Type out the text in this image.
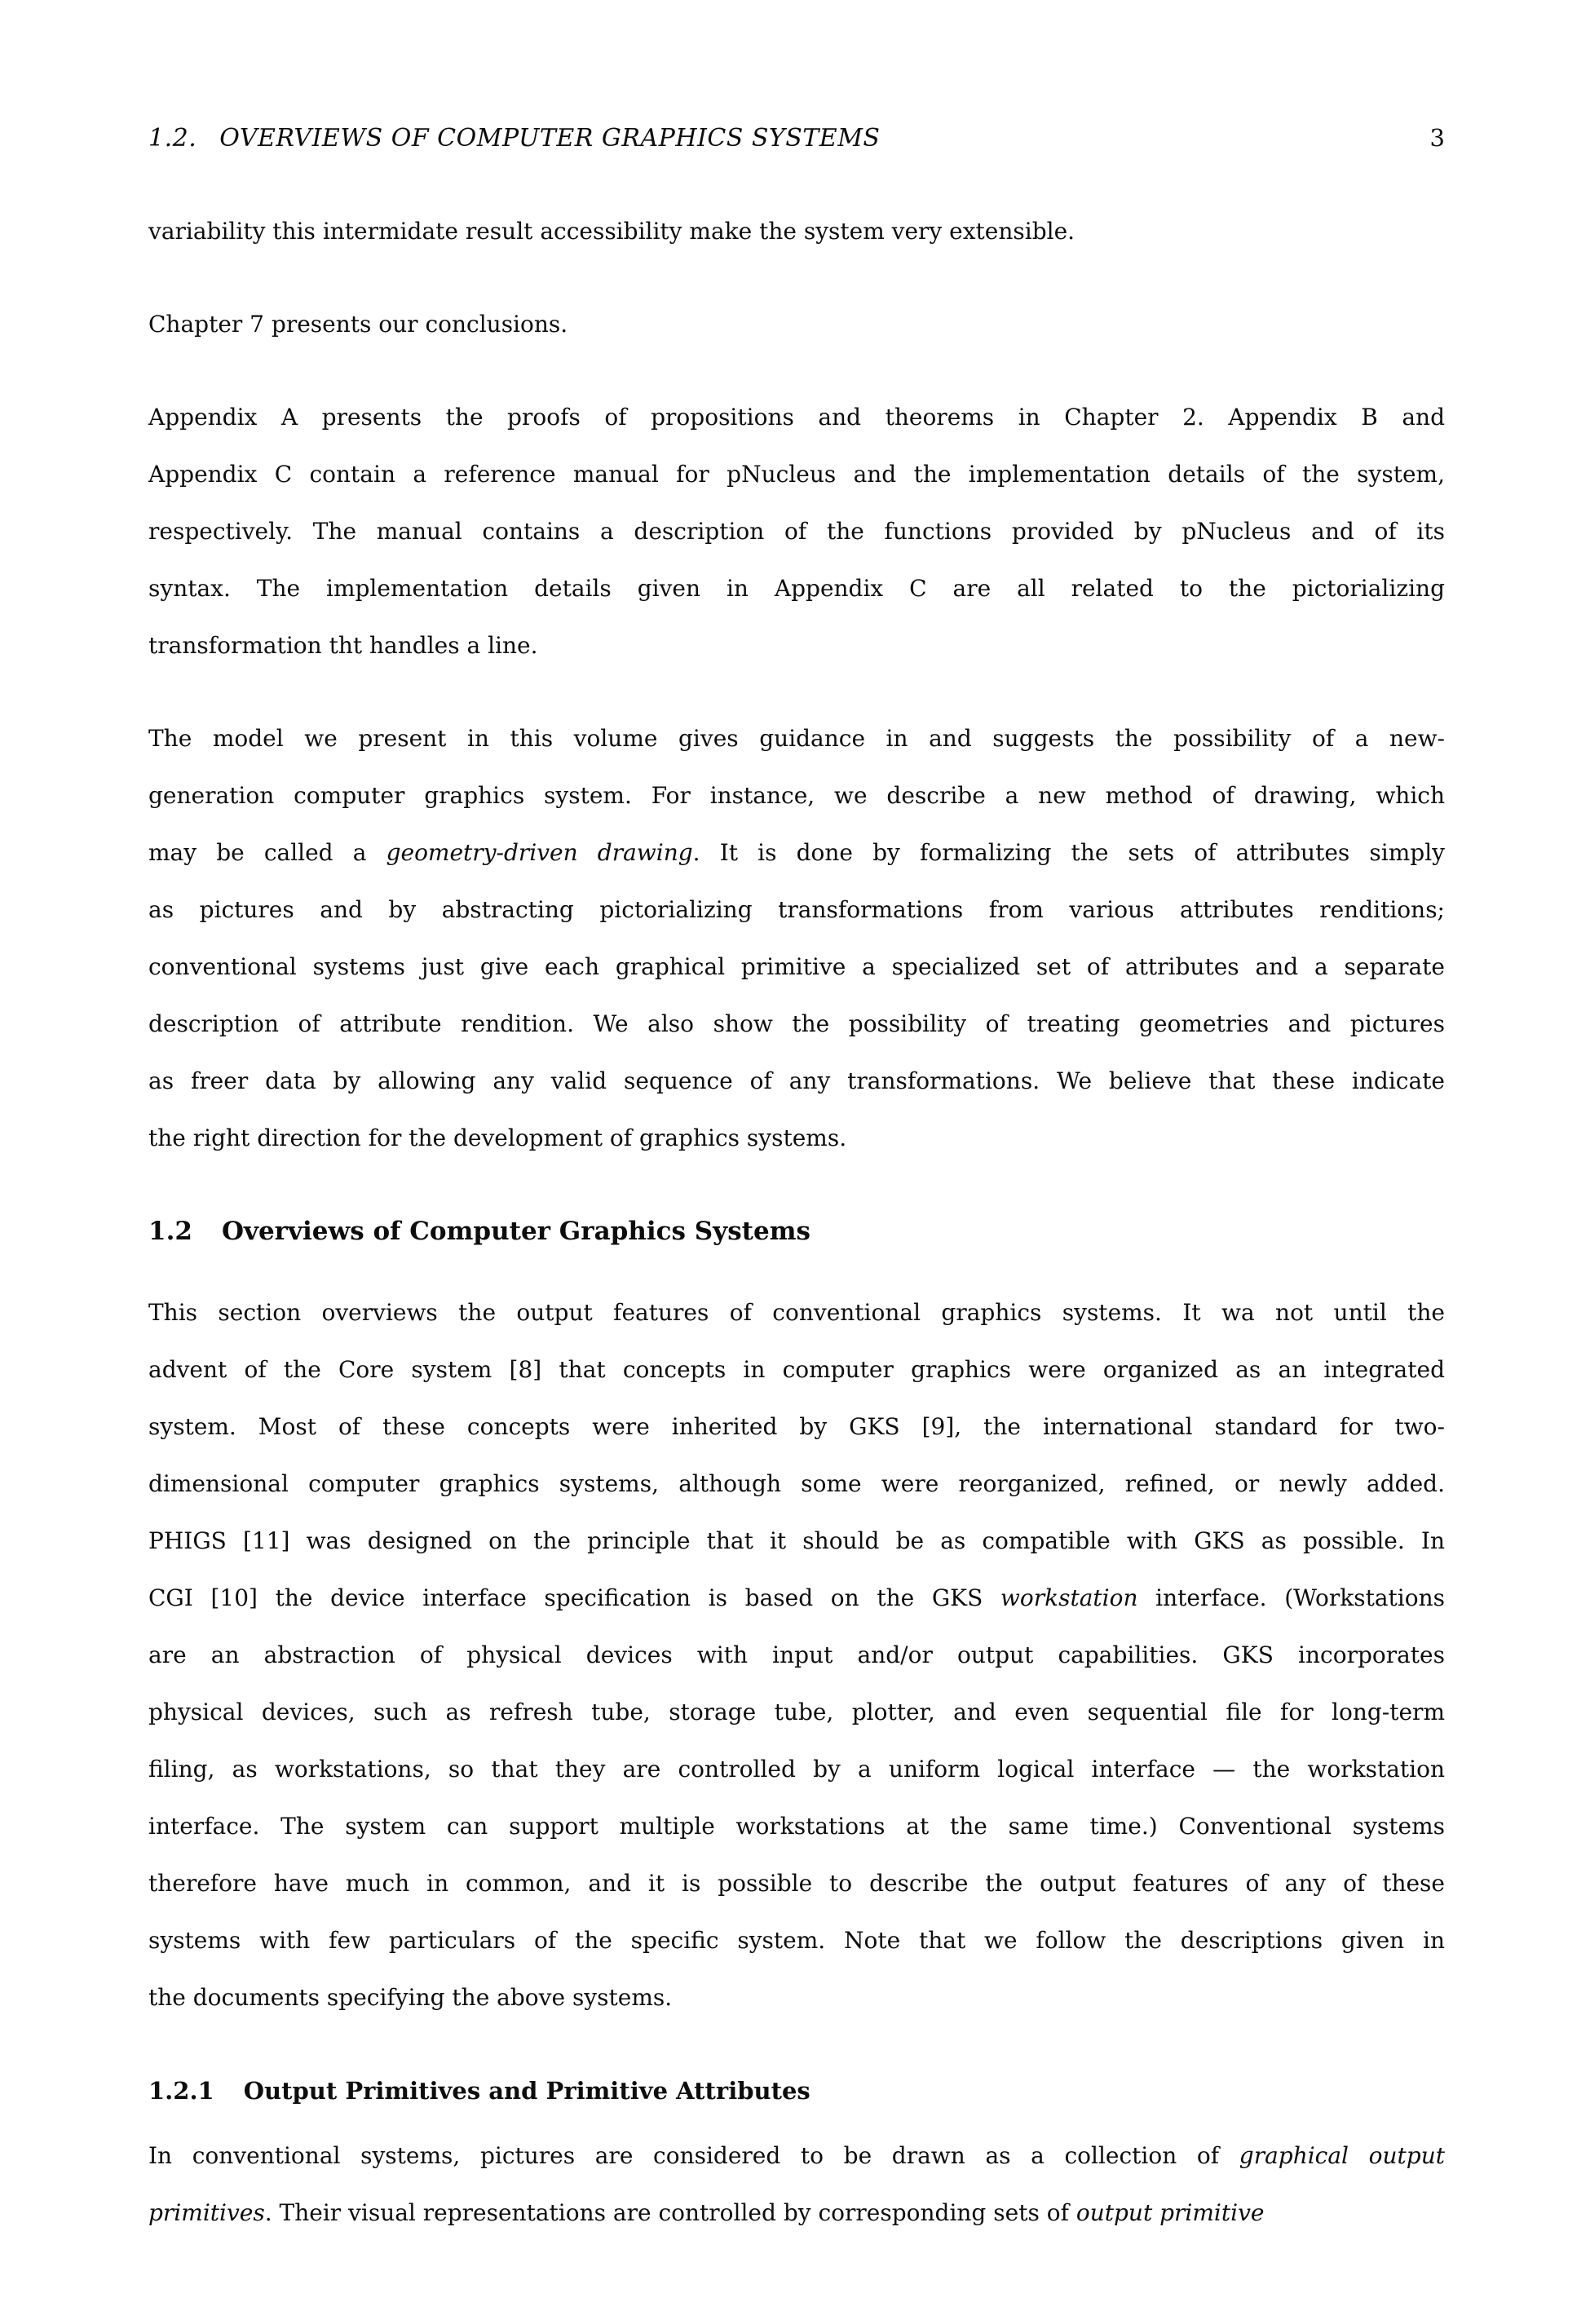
1.2. OVERVIEWS OF COMPUTER GRAPHICS SYSTEMS	3
variability this intermidate result accessibility make the system very extensible.
Chapter 7 presents our conclusions.
Appendix A presents the proofs of propositions and theorems in Chapter 2. Appendix B and
Appendix C contain a reference manual for pNucleus and the implementation details of the system,
respectively. The manual contains a description of the functions provided by pNucleus and of its
syntax. The implementation details given in Appendix C are all related to the pictorializing
transformation tht handles a line.
The model we present in this volume gives guidance in and suggests the possibility of a new-
generation computer graphics system. For instance, we describe a new method of drawing, which
may be called a geometry-driven drawing. It is done by formalizing the sets of attributes simply
as pictures and by abstracting pictorializing transformations from various attributes renditions;
conventional systems just give each graphical primitive a specialized set of attributes and a separate
description of attribute rendition. We also show the possibility of treating geometries and pictures
as freer data by allowing any valid sequence of any transformations. We believe that these indicate
the right direction for the development of graphics systems.
1.2 Overviews of Computer Graphics Systems
This section overviews the output features of conventional graphics systems. It wa not until the
advent of the Core system [8] that concepts in computer graphics were organized as an integrated
system. Most of these concepts were inherited by GKS [9], the international standard for two-
dimensional computer graphics systems, although some were reorganized, refined, or newly added.
PHIGS [11] was designed on the principle that it should be as compatible with GKS as possible. In
CGI [10] the device interface specification is based on the GKS workstation interface. (Workstations
are an abstraction of physical devices with input and/or output capabilities. GKS incorporates
physical devices, such as refresh tube, storage tube, plotter, and even sequential file for long-term
filing, as workstations, so that they are controlled by a uniform logical interface — the workstation
interface. The system can support multiple workstations at the same time.) Conventional systems
therefore have much in common, and it is possible to describe the output features of any of these
systems with few particulars of the specific system. Note that we follow the descriptions given in
the documents specifying the above systems.
1.2.1 Output Primitives and Primitive Attributes
In conventional systems, pictures are considered to be drawn as a collection of graphical output
primitives. Their visual representations are controlled by corresponding sets of output primitive
